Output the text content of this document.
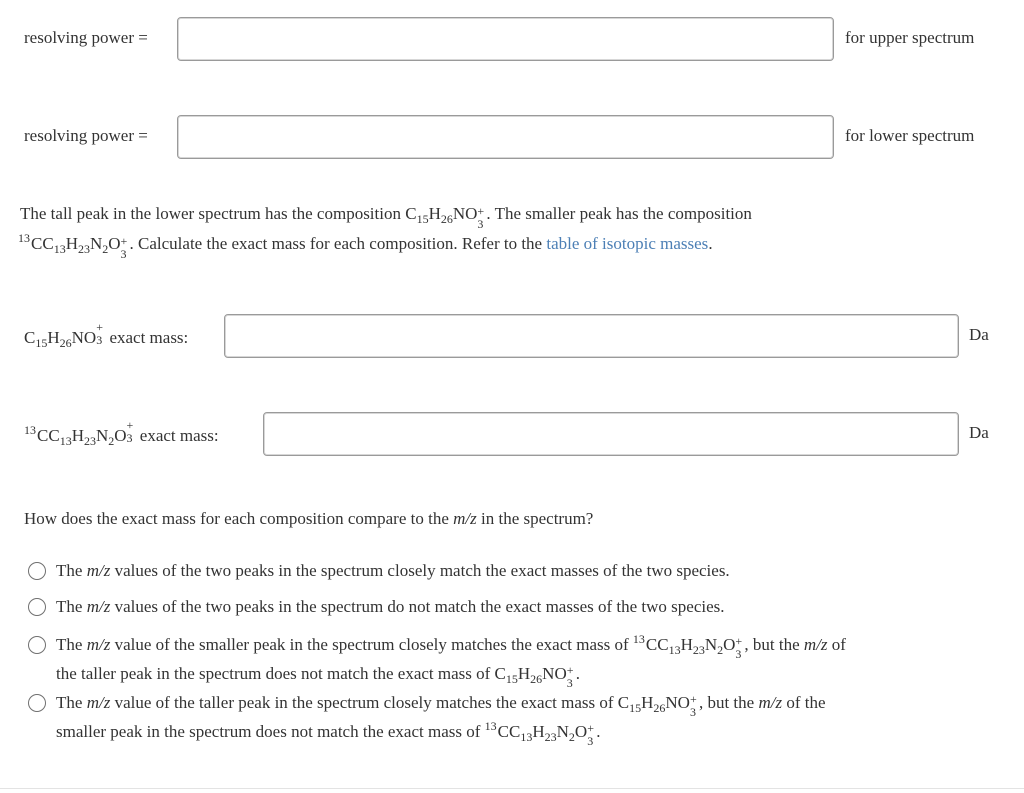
resolving power =	for upper spectrum
resolving power =	for lower spectrum
The tall peak in the lower spectrum has the composition $C_{15}H_{26}NO$ +
3
. The smaller peak has the composition
$^{13}CC_{13}H_{23}N_2O$ +
3
. Calculate the exact mass for each composition. Refer to the table of isotopic masses.
$C_{15}H_{26}NO$
+
3 exact mass:	Da
$^{13}CC_{13}H_{23}N_2O$
+
3 exact mass:	Da
How does the exact mass for each composition compare to the m/z in the spectrum?
The m/z values of the two peaks in the spectrum closely match the exact masses of the two species.
The m/z values of the two peaks in the spectrum do not match the exact masses of the two species.
The m/z value of the smaller peak in the spectrum closely matches the exact mass of $^{13}CC_{13}H_{23}N_2O$ +
3 , but the m/z of
the taller peak in the spectrum does not match the exact mass of $C_{15}H_{26}NO$ +
3 .
The m/z value of the taller peak in the spectrum closely matches the exact mass of $C_{15}H_{26}NO$ +
3 , but the m/z of the
smaller peak in the spectrum does not match the exact mass of $^{13}CC_{13}H_{23}N_2O$ +
3 .
